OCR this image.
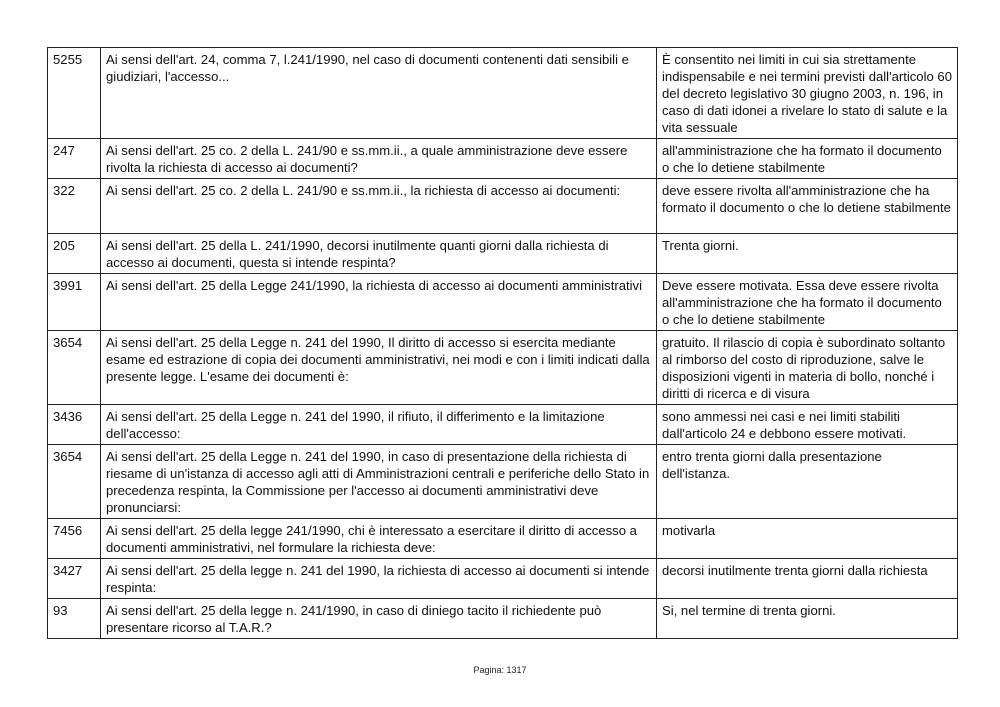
5255	Ai sensi dell'art. 24, comma 7, l.241/1990, nel caso di documenti contenenti dati sensibili e giudiziari, l'accesso...	È consentito nei limiti in cui sia strettamente indispensabile e nei termini previsti dall'articolo 60 del decreto legislativo 30 giugno 2003, n. 196, in caso di dati idonei a rivelare lo stato di salute e la vita sessuale
247	Ai sensi dell'art. 25 co. 2 della L. 241/90 e ss.mm.ii., a quale amministrazione deve essere rivolta la richiesta di accesso ai documenti?	all'amministrazione che ha formato il documento o che lo detiene stabilmente
322	Ai sensi dell'art. 25 co. 2 della L. 241/90 e ss.mm.ii., la richiesta di accesso ai documenti:	deve essere rivolta all'amministrazione che ha formato il documento o che lo detiene stabilmente
205	Ai sensi dell'art. 25 della L. 241/1990, decorsi inutilmente quanti giorni dalla richiesta di accesso ai documenti, questa si intende respinta?	Trenta giorni.
3991	Ai sensi dell'art. 25 della Legge 241/1990, la richiesta di accesso ai documenti amministrativi	Deve essere motivata. Essa deve essere rivolta all'amministrazione che ha formato il documento o che lo detiene stabilmente
3654	Ai sensi dell'art. 25 della Legge n. 241 del 1990, Il diritto di accesso si esercita mediante esame ed estrazione di copia dei documenti amministrativi, nei modi e con i limiti indicati dalla presente legge. L'esame dei documenti è:	gratuito. Il rilascio di copia è subordinato soltanto al rimborso del costo di riproduzione, salve le disposizioni vigenti in materia di bollo, nonché i diritti di ricerca e di visura
3436	Ai sensi dell'art. 25 della Legge n. 241 del 1990, il rifiuto, il differimento e la limitazione dell'accesso:	sono ammessi nei casi e nei limiti stabiliti dall'articolo 24 e debbono essere motivati.
3654	Ai sensi dell'art. 25 della Legge n. 241 del 1990, in caso di presentazione della richiesta di riesame di un'istanza di accesso agli atti di Amministrazioni centrali e periferiche dello Stato in precedenza respinta, la Commissione per l'accesso ai documenti amministrativi deve pronunciarsi:	entro trenta giorni dalla presentazione dell'istanza.
7456	Ai sensi dell'art. 25 della legge 241/1990, chi è interessato a esercitare il diritto di accesso a documenti amministrativi, nel formulare la richiesta deve:	motivarla
3427	Ai sensi dell'art. 25 della legge n. 241 del 1990, la richiesta di accesso ai documenti si intende respinta:	decorsi inutilmente trenta giorni dalla richiesta
93	Ai sensi dell'art. 25 della legge n. 241/1990, in caso di diniego tacito il richiedente può presentare ricorso al T.A.R.?	Si, nel termine di trenta giorni.
Pagina: 1317
